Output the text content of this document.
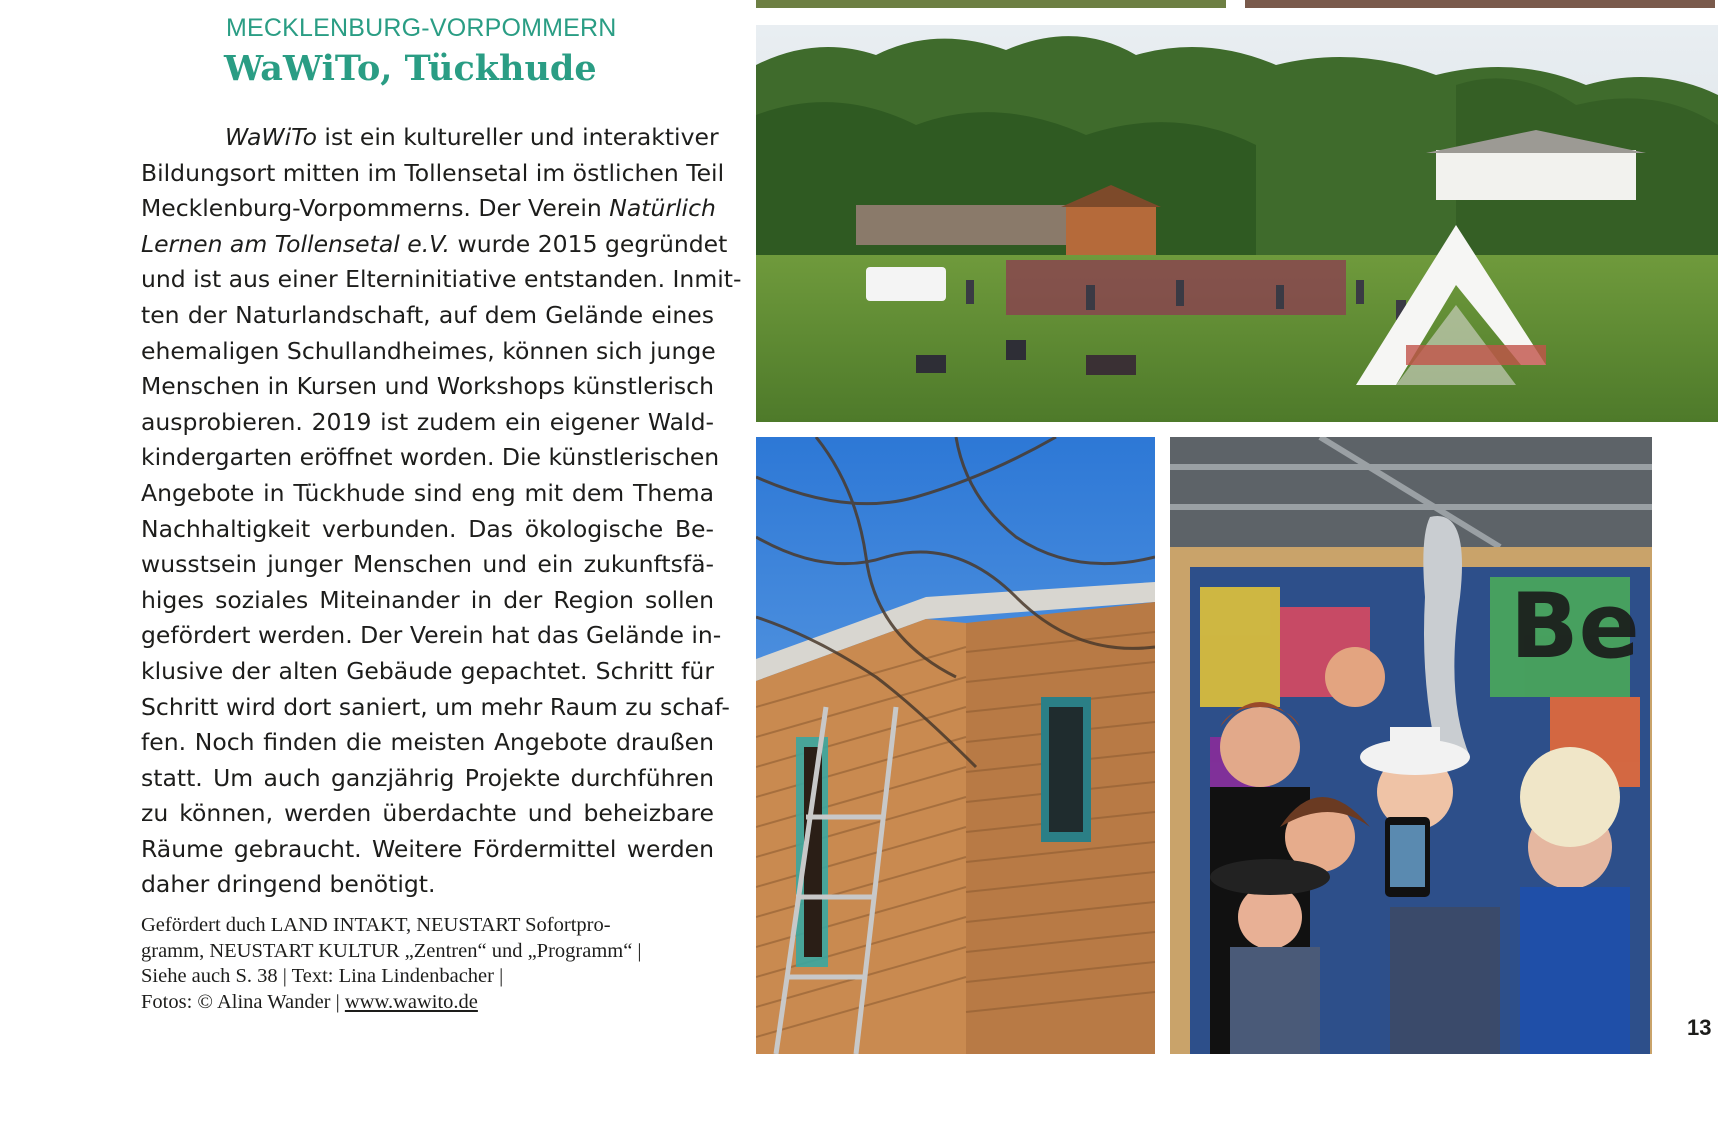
MECKLENBURG-VORPOMMERN
WaWiTo, Tückhude
WaWiTo ist ein kultureller und interaktiver
Bildungsort mitten im Tollensetal im östlichen Teil
Mecklenburg-Vorpommerns. Der Verein Natürlich
Lernen am Tollensetal e.V. wurde 2015 gegründet
und ist aus einer Elterninitiative entstanden. Inmit-
ten der Naturlandschaft, auf dem Gelände eines
ehemaligen Schullandheimes, können sich junge
Menschen in Kursen und Workshops künstlerisch
ausprobieren. 2019 ist zudem ein eigener Wald-
kindergarten eröffnet worden. Die künstlerischen
Angebote in Tückhude sind eng mit dem Thema
Nachhaltigkeit verbunden. Das ökologische Be-
wusstsein junger Menschen und ein zukunftsfä-
higes soziales Miteinander in der Region sollen
gefördert werden. Der Verein hat das Gelände in-
klusive der alten Gebäude gepachtet. Schritt für
Schritt wird dort saniert, um mehr Raum zu schaf-
fen. Noch finden die meisten Angebote draußen
statt. Um auch ganzjährig Projekte durchführen
zu können, werden überdachte und beheizbare
Räume gebraucht. Weitere Fördermittel werden
daher dringend benötigt.
Gefördert duch LAND INTAKT, NEUSTART Sofortpro-
gramm, NEUSTART KULTUR „Zentren“ und „Programm“ |
Siehe auch S. 38 | Text: Lina Lindenbacher |
Fotos: © Alina Wander | www.wawito.de
Be
13
